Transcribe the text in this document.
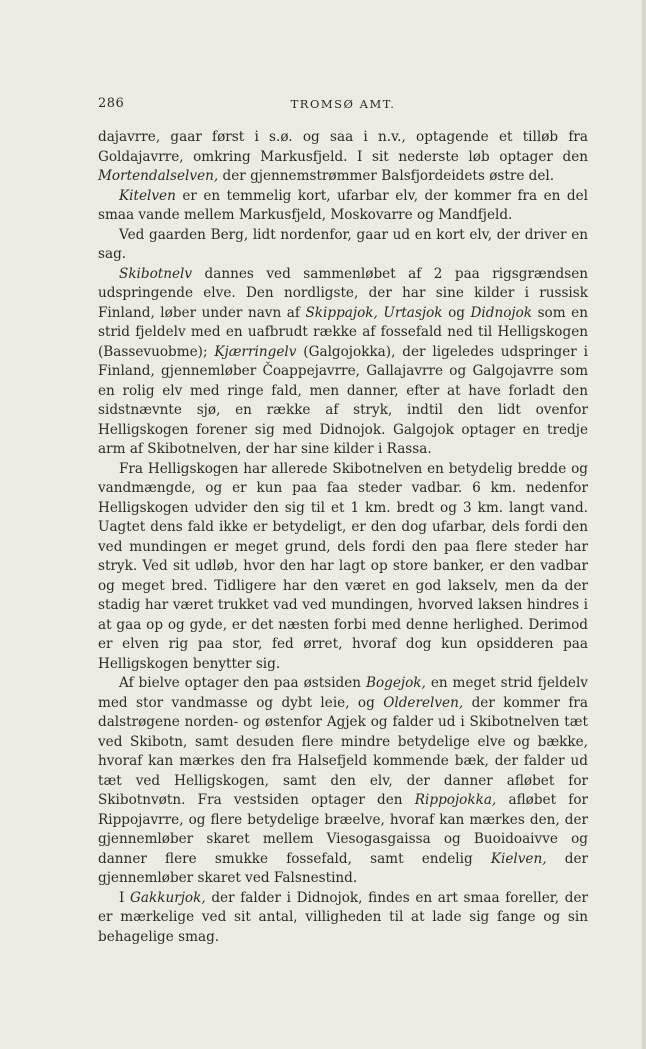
286	TROMSØ AMT.

dajavrre, gaar først i s.ø. og saa i n.v., optagende et tilløb fra Goldajavrre, omkring Markusfjeld. I sit nederste løb optager den Mortendalselven, der gjennemstrømmer Balsfjordeidets østre del.

Kitelven er en temmelig kort, ufarbar elv, der kommer fra en del smaa vande mellem Markusfjeld, Moskovarre og Mandfjeld.

Ved gaarden Berg, lidt nordenfor, gaar ud en kort elv, der driver en sag.

Skibotnelv dannes ved sammenløbet af 2 paa rigsgrændsen udspringende elve. Den nordligste, der har sine kilder i russisk Finland, løber under navn af Skippajok, Urtasjok og Didnojok som en strid fjeldelv med en uafbrudt række af fossefald ned til Helligskogen (Bassevuobme); Kjærringelv (Galgojokka), der ligeledes udspringer i Finland, gjennemløber Čoappejavrre, Gallajavrre og Galgojavrre som en rolig elv med ringe fald, men danner, efter at have forladt den sidstnævnte sjø, en række af stryk, indtil den lidt ovenfor Helligskogen forener sig med Didnojok. Galgojok optager en tredje arm af Skibotnelven, der har sine kilder i Rassa.

Fra Helligskogen har allerede Skibotnelven en betydelig bredde og vandmængde, og er kun paa faa steder vadbar. 6 km. nedenfor Helligskogen udvider den sig til et 1 km. bredt og 3 km. langt vand. Uagtet dens fald ikke er betydeligt, er den dog ufarbar, dels fordi den ved mundingen er meget grund, dels fordi den paa flere steder har stryk. Ved sit udløb, hvor den har lagt op store banker, er den vadbar og meget bred. Tidligere har den været en god lakselv, men da der stadig har været trukket vad ved mundingen, hvorved laksen hindres i at gaa op og gyde, er det næsten forbi med denne herlighed. Derimod er elven rig paa stor, fed ørret, hvoraf dog kun opsidderen paa Helligskogen benytter sig.

Af bielve optager den paa østsiden Bogejok, en meget strid fjeldelv med stor vandmasse og dybt leie, og Olderelven, der kommer fra dalstrøgene norden- og østenfor Agjek og falder ud i Skibotnelven tæt ved Skibotn, samt desuden flere mindre betydelige elve og bække, hvoraf kan mærkes den fra Halsefjeld kommende bæk, der falder ud tæt ved Helligskogen, samt den elv, der danner afløbet for Skibotnvøtn. Fra vestsiden optager den Rippojokka, afløbet for Rippojavrre, og flere betydelige bræelve, hvoraf kan mærkes den, der gjennemløber skaret mellem Viesogasgaissa og Buoidoaivve og danner flere smukke fossefald, samt endelig Kielven, der gjennemløber skaret ved Falsnestind.

I Gakkurjok, der falder i Didnojok, findes en art smaa foreller, der er mærkelige ved sit antal, villigheden til at lade sig fange og sin behagelige smag.
